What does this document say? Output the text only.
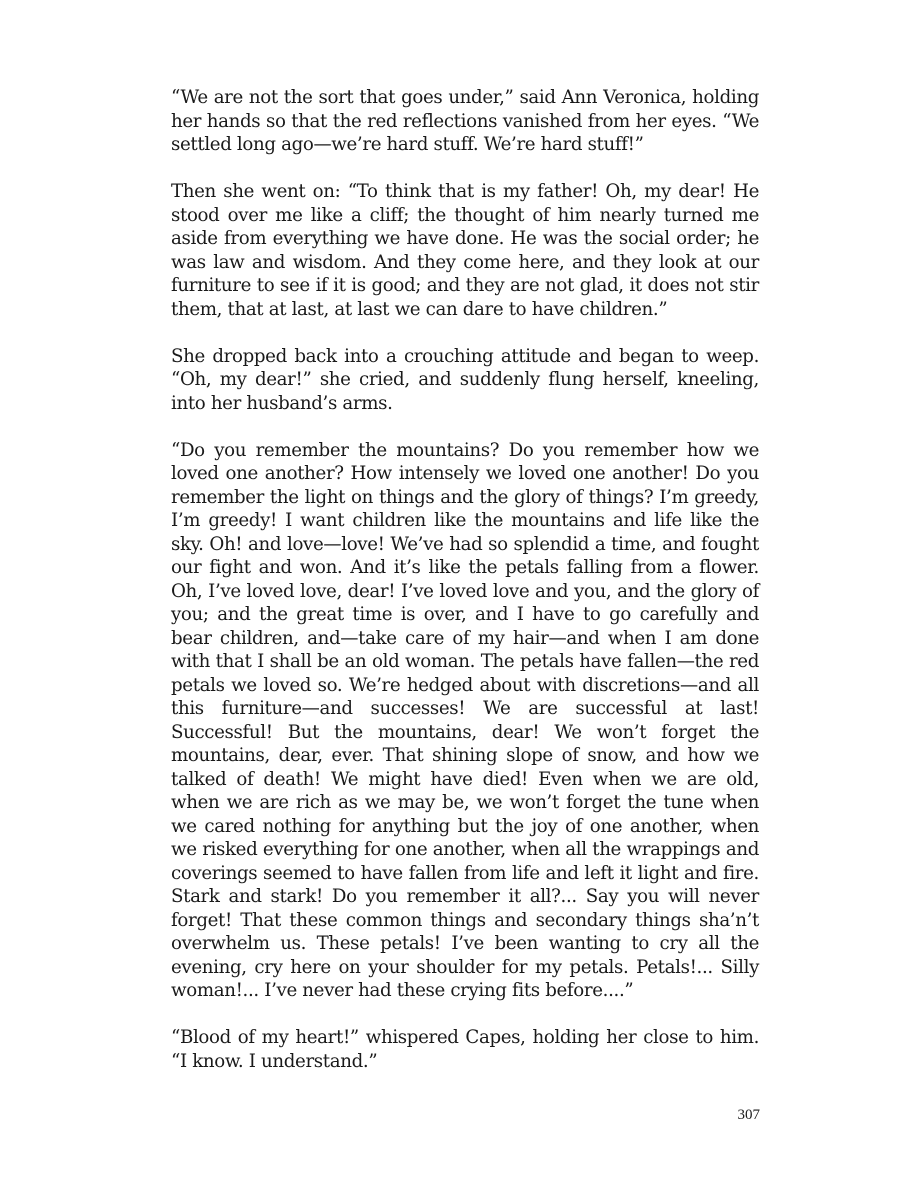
“We are not the sort that goes under,” said Ann Veronica, holding her hands so that the red reflections vanished from her eyes. “We settled long ago—we’re hard stuff. We’re hard stuff!”

Then she went on: “To think that is my father! Oh, my dear! He stood over me like a cliff; the thought of him nearly turned me aside from everything we have done. He was the social order; he was law and wisdom. And they come here, and they look at our furniture to see if it is good; and they are not glad, it does not stir them, that at last, at last we can dare to have children.”

She dropped back into a crouching attitude and began to weep. “Oh, my dear!” she cried, and suddenly flung herself, kneeling, into her husband’s arms.

“Do you remember the mountains? Do you remember how we loved one another? How intensely we loved one another! Do you remember the light on things and the glory of things? I’m greedy, I’m greedy! I want children like the mountains and life like the sky. Oh! and love—love! We’ve had so splendid a time, and fought our fight and won. And it’s like the petals falling from a flower. Oh, I’ve loved love, dear! I’ve loved love and you, and the glory of you; and the great time is over, and I have to go carefully and bear children, and—take care of my hair—and when I am done with that I shall be an old woman. The petals have fallen—the red petals we loved so. We’re hedged about with discretions—and all this furniture—and successes! We are successful at last! Successful! But the mountains, dear! We won’t forget the mountains, dear, ever. That shining slope of snow, and how we talked of death! We might have died! Even when we are old, when we are rich as we may be, we won’t forget the tune when we cared nothing for anything but the joy of one another, when we risked everything for one another, when all the wrappings and coverings seemed to have fallen from life and left it light and fire. Stark and stark! Do you remember it all?... Say you will never forget! That these common things and secondary things sha’n’t overwhelm us. These petals! I’ve been wanting to cry all the evening, cry here on your shoulder for my petals. Petals!... Silly woman!... I’ve never had these crying fits before....”

“Blood of my heart!” whispered Capes, holding her close to him. “I know. I understand.”

307
